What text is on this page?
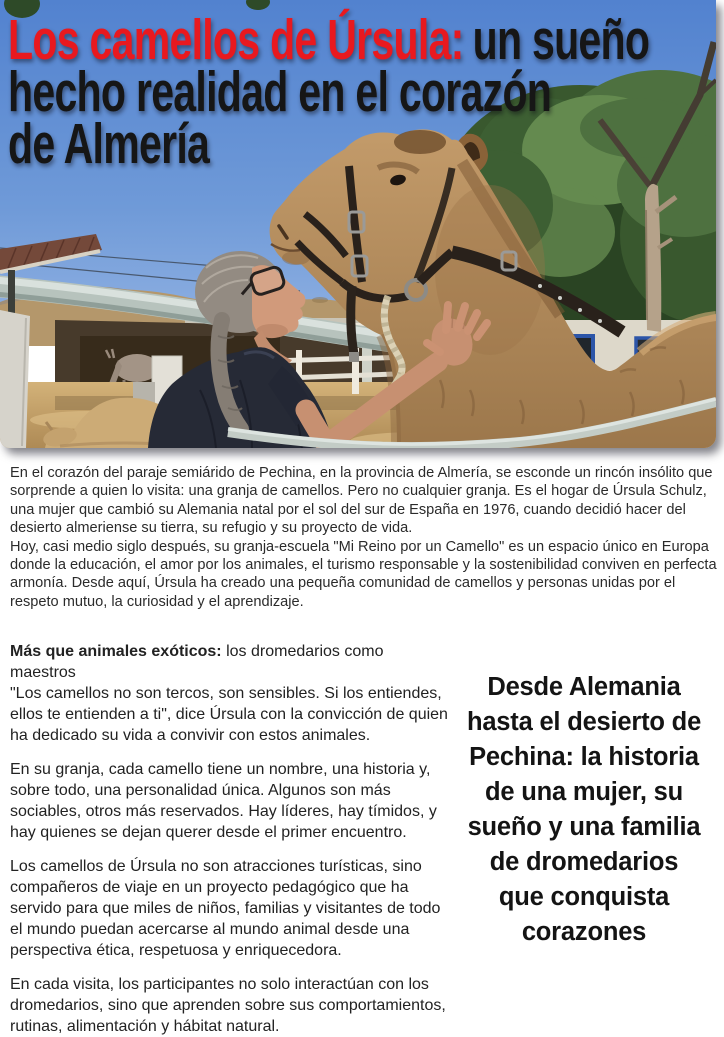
Los camellos de Úrsula: un sueño
hecho realidad en el corazón
de Almería

En el corazón del paraje semiárido de Pechina, en la provincia de Almería, se esconde un rincón insólito que sorprende a quien lo visita: una granja de camellos. Pero no cualquier granja. Es el hogar de Úrsula Schulz, una mujer que cambió su Alemania natal por el sol del sur de España en 1976, cuando decidió hacer del desierto almeriense su tierra, su refugio y su proyecto de vida.

Hoy, casi medio siglo después, su granja-escuela "Mi Reino por un Camello" es un espacio único en Europa donde la educación, el amor por los animales, el turismo responsable y la sostenibilidad conviven en perfecta armonía. Desde aquí, Úrsula ha creado una pequeña comunidad de camellos y personas unidas por el respeto mutuo, la curiosidad y el aprendizaje.

Más que animales exóticos: los dromedarios como maestros

"Los camellos no son tercos, son sensibles. Si los entiendes, ellos te entienden a ti", dice Úrsula con la convicción de quien ha dedicado su vida a convivir con estos animales.

En su granja, cada camello tiene un nombre, una historia y, sobre todo, una personalidad única. Algunos son más sociables, otros más reservados. Hay líderes, hay tímidos, y hay quienes se dejan querer desde el primer encuentro.

Los camellos de Úrsula no son atracciones turísticas, sino compañeros de viaje en un proyecto pedagógico que ha servido para que miles de niños, familias y visitantes de todo el mundo puedan acercarse al mundo animal desde una perspectiva ética, respetuosa y enriquecedora.

En cada visita, los participantes no solo interactúan con los dromedarios, sino que aprenden sobre sus comportamientos, rutinas, alimentación y hábitat natural.

Desde Alemania hasta el desierto de Pechina: la historia de una mujer, su sueño y una familia de dromedarios que conquista corazones
